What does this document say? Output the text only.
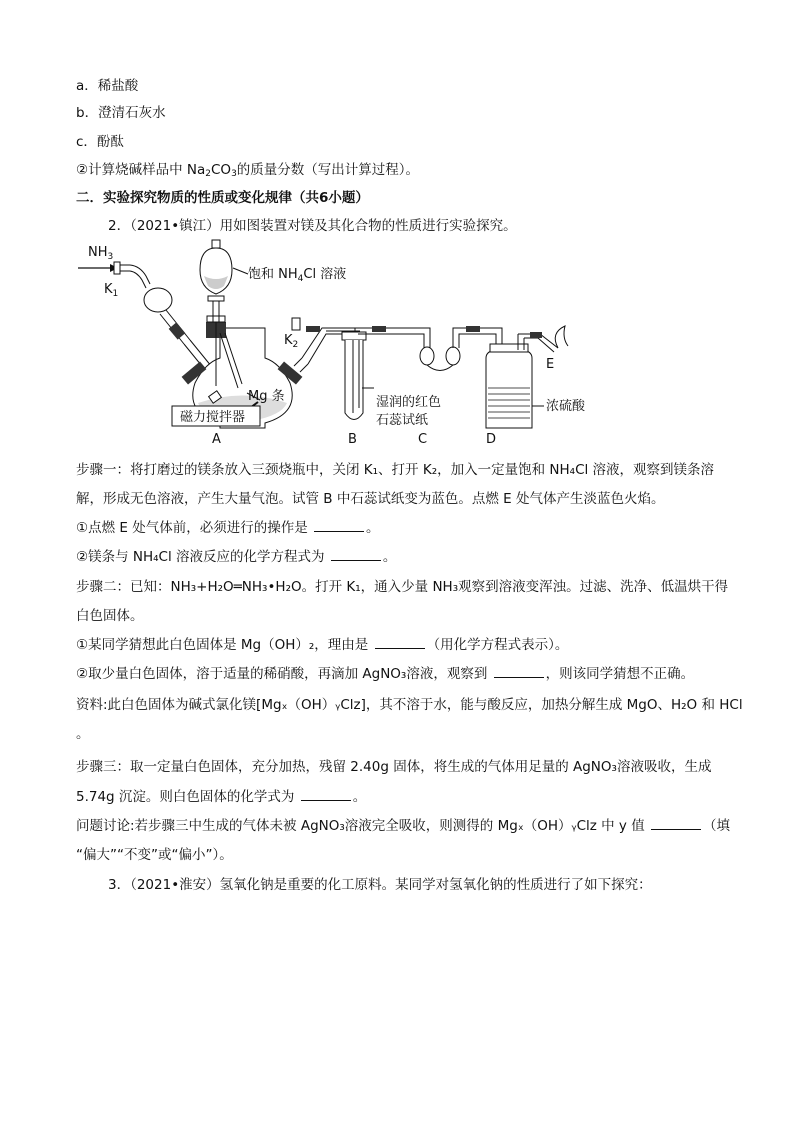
a．稀盐酸
b．澄清石灰水
c．酚酞
②计算烧碱样品中 $Na_2CO_3$的质量分数（写出计算过程）。
二．实验探究物质的性质或变化规律（共6小题）
2．（2021•镇江）用如图装置对镁及其化合物的性质进行实验探究。
$NH_3$
$K_1$
饱和 $NH_4Cl$ 溶液
Mg 条
磁力搅拌器
A
$K_2$
湿润的红色
石蕊试纸
B	C
E
浓硫酸
D
步骤一：将打磨过的镁条放入三颈烧瓶中，关闭 K₁、打开 K₂，加入一定量饱和 NH₄Cl 溶液，观察到镁条溶
解，形成无色溶液，产生大量气泡。试管 B 中石蕊试纸变为蓝色。点燃 E 处气体产生淡蓝色火焰。
①点燃 E 处气体前，必须进行的操作是	。
②镁条与 NH₄Cl 溶液反应的化学方程式为	。
步骤二：已知：NH₃+H₂O═NH₃•H₂O。打开 K₁，通入少量 NH₃观察到溶液变浑浊。过滤、洗净、低温烘干得
白色固体。
①某同学猜想此白色固体是 Mg（OH）₂，理由是	（用化学方程式表示）。
②取少量白色固体，溶于适量的稀硝酸，再滴加 AgNO₃溶液，观察到	，则该同学猜想不正确。
资料:此白色固体为碱式氯化镁[Mgₓ（OH）ᵧClz]，其不溶于水，能与酸反应，加热分解生成 MgO、H₂O 和 HCl
。
步骤三：取一定量白色固体，充分加热，残留 2.40g 固体，将生成的气体用足量的 AgNO₃溶液吸收，生成
5.74g 沉淀。则白色固体的化学式为	。
问题讨论:若步骤三中生成的气体未被 AgNO₃溶液完全吸收，则测得的 Mgₓ（OH）ᵧClz 中 y 值	（填
“偏大”“不变”或“偏小”）。
3．（2021•淮安）氢氧化钠是重要的化工原料。某同学对氢氧化钠的性质进行了如下探究：
